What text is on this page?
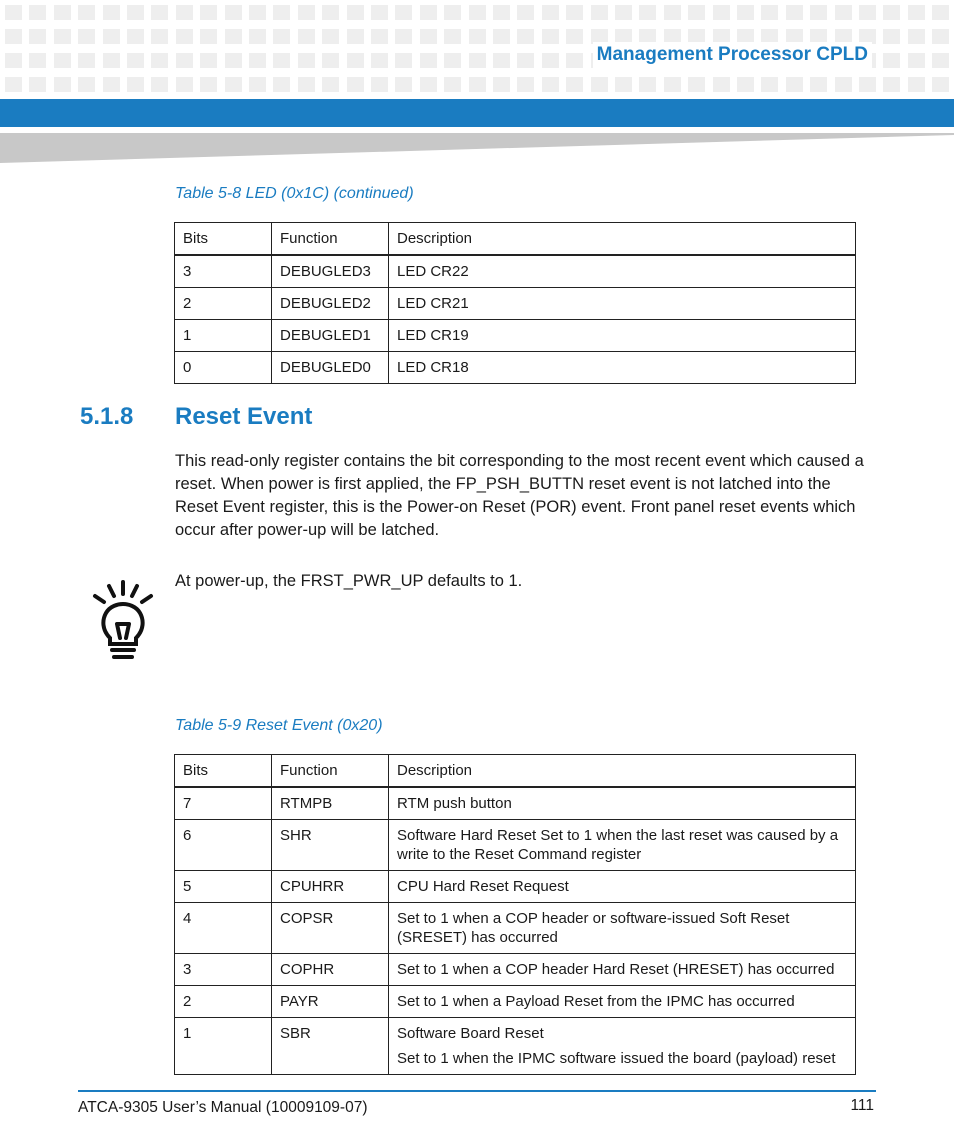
Management Processor CPLD
Table 5-8 LED (0x1C) (continued)
Bits	Function	Description
3	DEBUGLED3	LED CR22
2	DEBUGLED2	LED CR21
1	DEBUGLED1	LED CR19
0	DEBUGLED0	LED CR18
5.1.8 Reset Event
This read-only register contains the bit corresponding to the most recent event which caused a reset. When power is first applied, the FP_PSH_BUTTN reset event is not latched into the Reset Event register, this is the Power-on Reset (POR) event. Front panel reset events which occur after power-up will be latched.
At power-up, the FRST_PWR_UP defaults to 1.
Table 5-9 Reset Event (0x20)
Bits	Function	Description
7	RTMPB	RTM push button
6	SHR	Software Hard Reset Set to 1 when the last reset was caused by a write to the Reset Command register
5	CPUHRR	CPU Hard Reset Request
4	COPSR	Set to 1 when a COP header or software-issued Soft Reset (SRESET) has occurred
3	COPHR	Set to 1 when a COP header Hard Reset (HRESET) has occurred
2	PAYR	Set to 1 when a Payload Reset from the IPMC has occurred
1	SBR	Software Board Reset
Set to 1 when the IPMC software issued the board (payload) reset
ATCA-9305 User’s Manual (10009109-07)	111
